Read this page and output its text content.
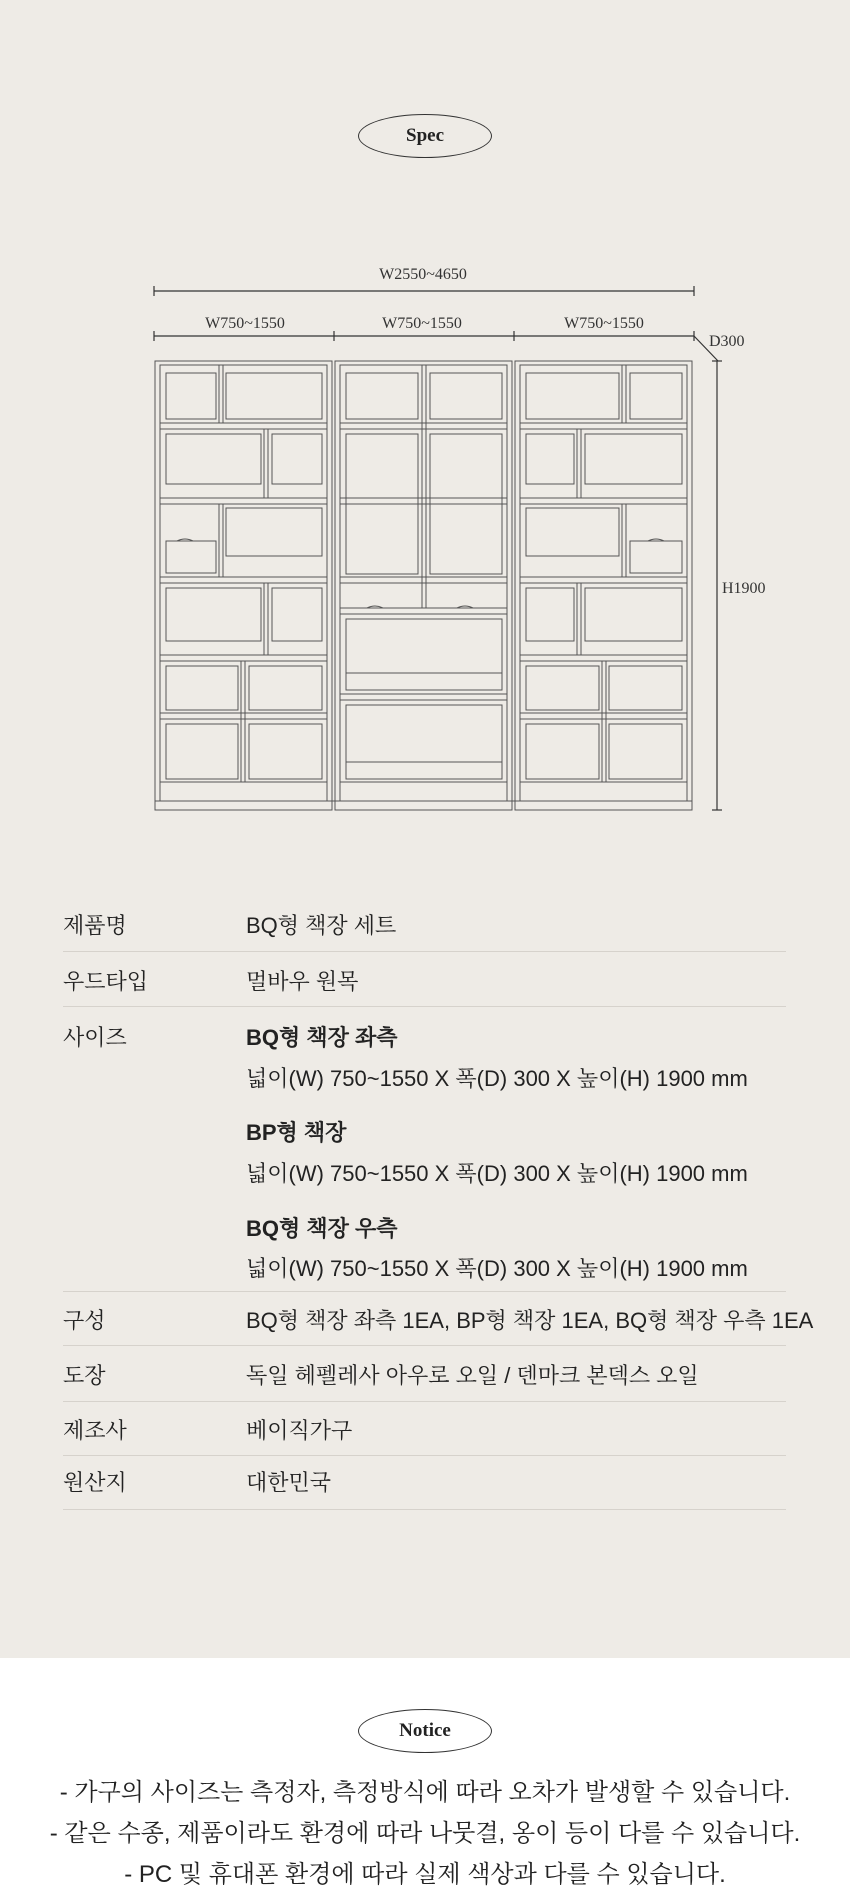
Spec
W2550~4650
W750~1550	W750~1550	W750~1550
D300
H1900
제품명	BQ형 책장 세트
우드타입	멀바우 원목
사이즈	BQ형 책장 좌측
넓이(W) 750~1550 X 폭(D) 300 X 높이(H) 1900 mm
BP형 책장
넓이(W) 750~1550 X 폭(D) 300 X 높이(H) 1900 mm
BQ형 책장 우측
넓이(W) 750~1550 X 폭(D) 300 X 높이(H) 1900 mm
구성	BQ형 책장 좌측 1EA, BP형 책장 1EA, BQ형 책장 우측 1EA
도장	독일 헤펠레사 아우로 오일 / 덴마크 본덱스 오일
제조사	베이직가구
원산지	대한민국
Notice
- 가구의 사이즈는 측정자, 측정방식에 따라 오차가 발생할 수 있습니다.
- 같은 수종, 제품이라도 환경에 따라 나뭇결, 옹이 등이 다를 수 있습니다.
- PC 및 휴대폰 환경에 따라 실제 색상과 다를 수 있습니다.
